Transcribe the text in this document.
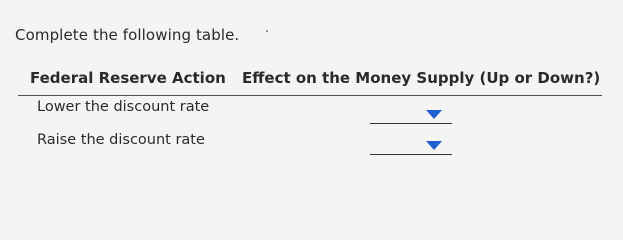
Complete the following table.
Federal Reserve Action Effect on the Money Supply (Up or Down?)
Lower the discount rate
Raise the discount rate
